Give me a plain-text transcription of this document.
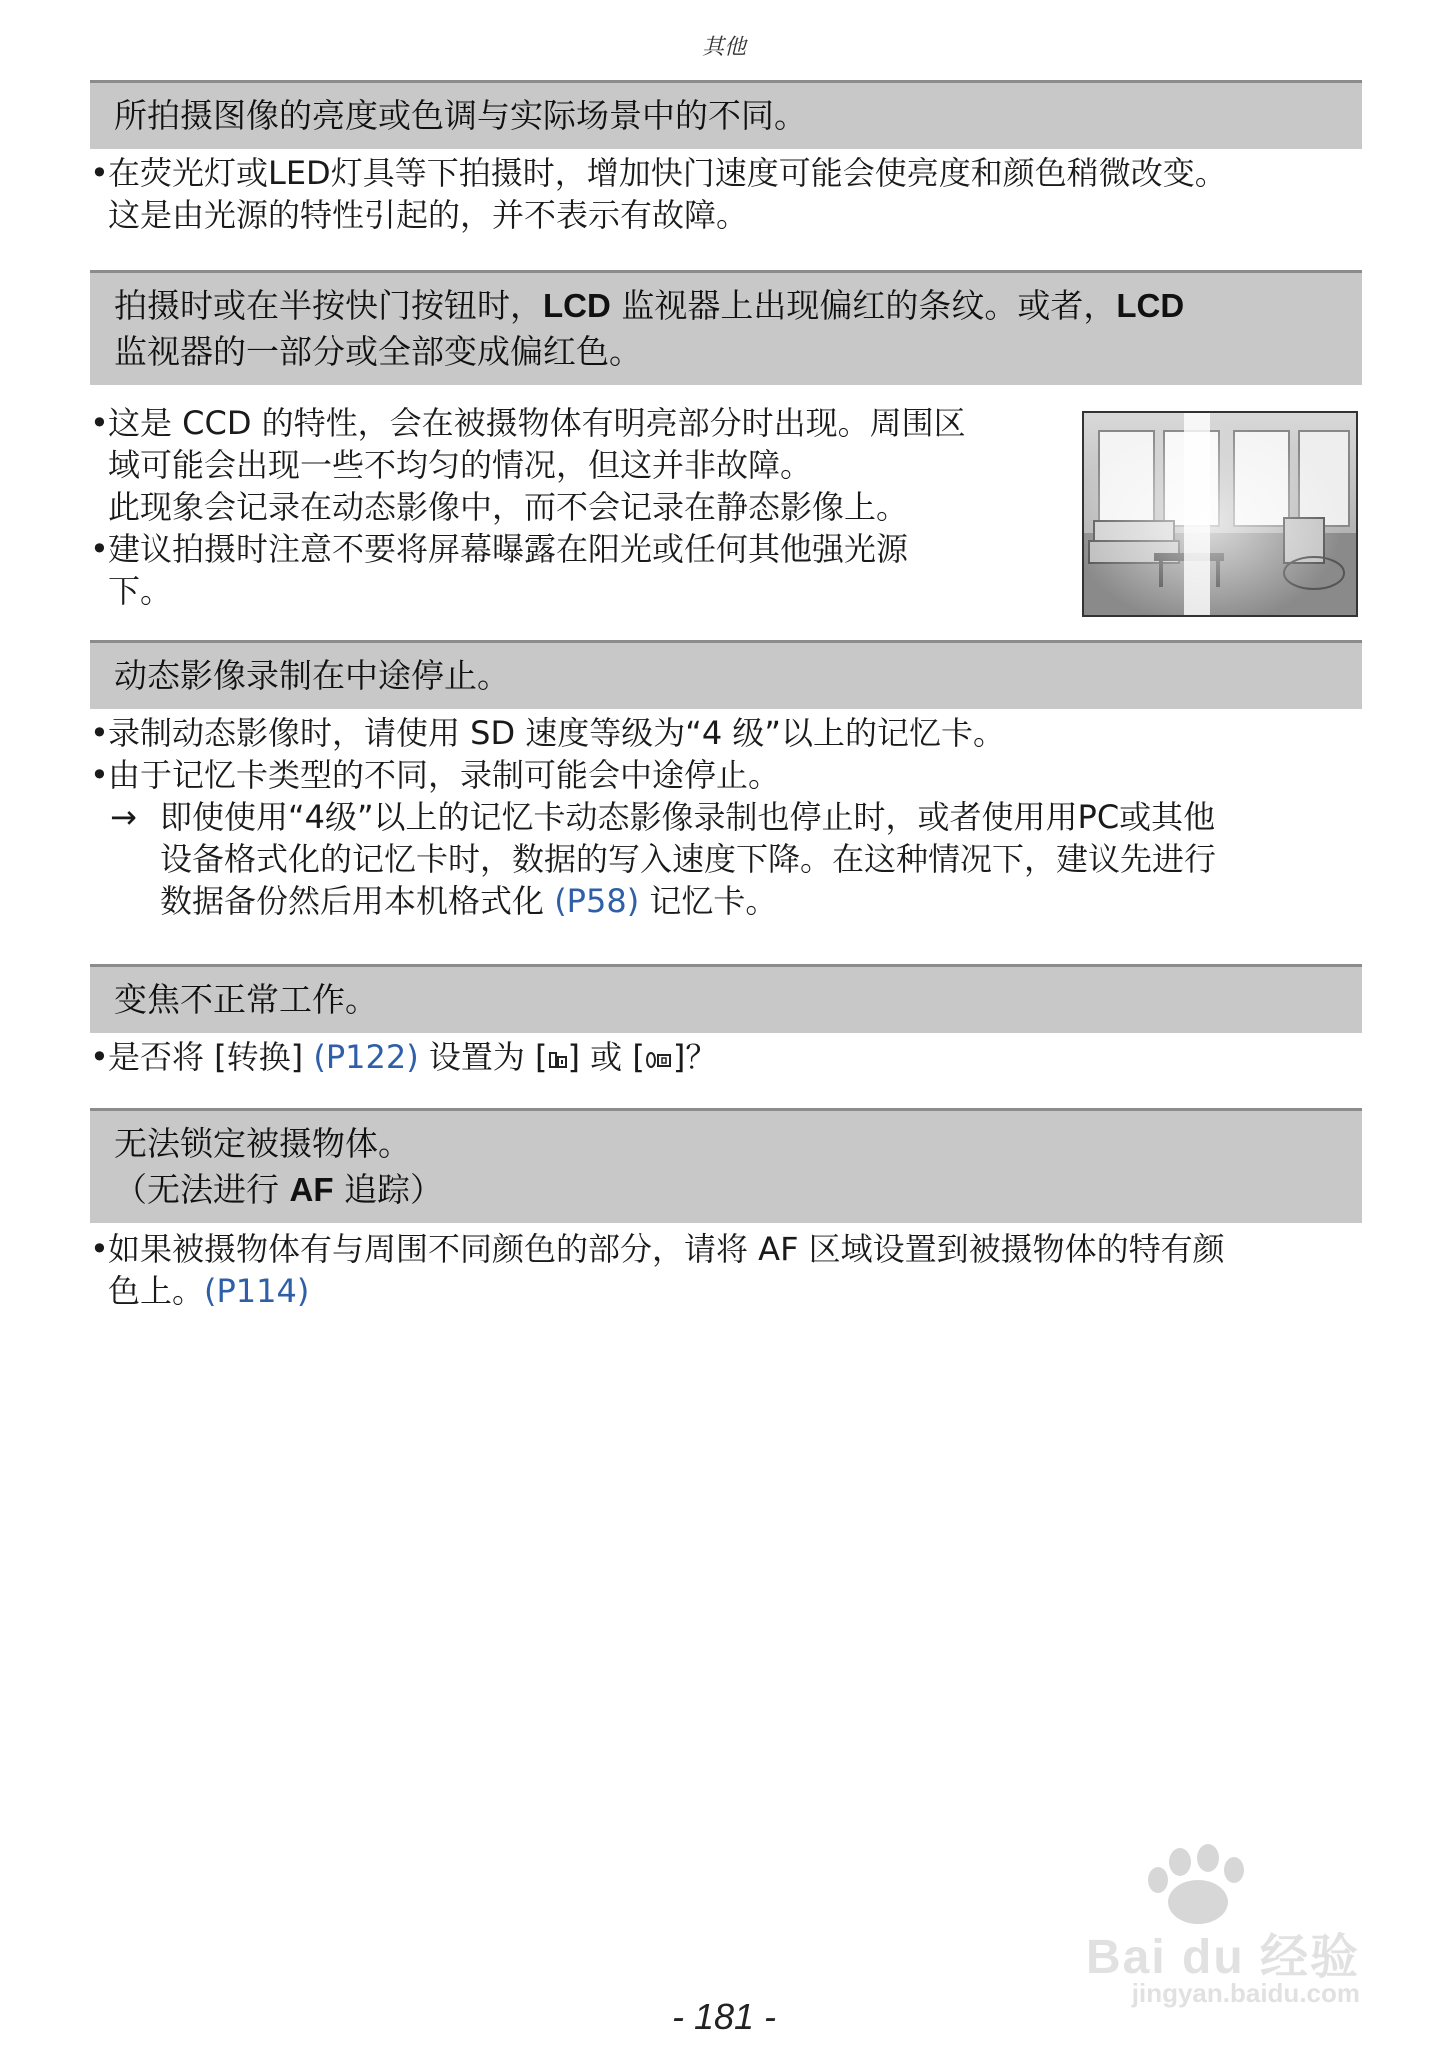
其他
所拍摄图像的亮度或色调与实际场景中的不同。
• 在荧光灯或LED灯具等下拍摄时，增加快门速度可能会使亮度和颜色稍微改变。
这是由光源的特性引起的，并不表示有故障。
拍摄时或在半按快门按钮时，LCD 监视器上出现偏红的条纹。或者，LCD
监视器的一部分或全部变成偏红色。
• 这是 CCD 的特性，会在被摄物体有明亮部分时出现。周围区
域可能会出现一些不均匀的情况，但这并非故障。
此现象会记录在动态影像中，而不会记录在静态影像上。
• 建议拍摄时注意不要将屏幕曝露在阳光或任何其他强光源
下。
动态影像录制在中途停止。
• 录制动态影像时，请使用 SD 速度等级为“4 级”以上的记忆卡。
• 由于记忆卡类型的不同，录制可能会中途停止。
→ 即使使用“4级”以上的记忆卡动态影像录制也停止时，或者使用用PC或其他
设备格式化的记忆卡时，数据的写入速度下降。在这种情况下，建议先进行
数据备份然后用本机格式化 (P58) 记忆卡。
变焦不正常工作。
• 是否将 [转换] (P122) 设置为 [ ] 或 [ ]？
无法锁定被摄物体。
（无法进行 AF 追踪）
• 如果被摄物体有与周围不同颜色的部分，请将 AF 区域设置到被摄物体的特有颜
色上。(P114)
Bai du 经验
jingyan.baidu.com
- 181 -
